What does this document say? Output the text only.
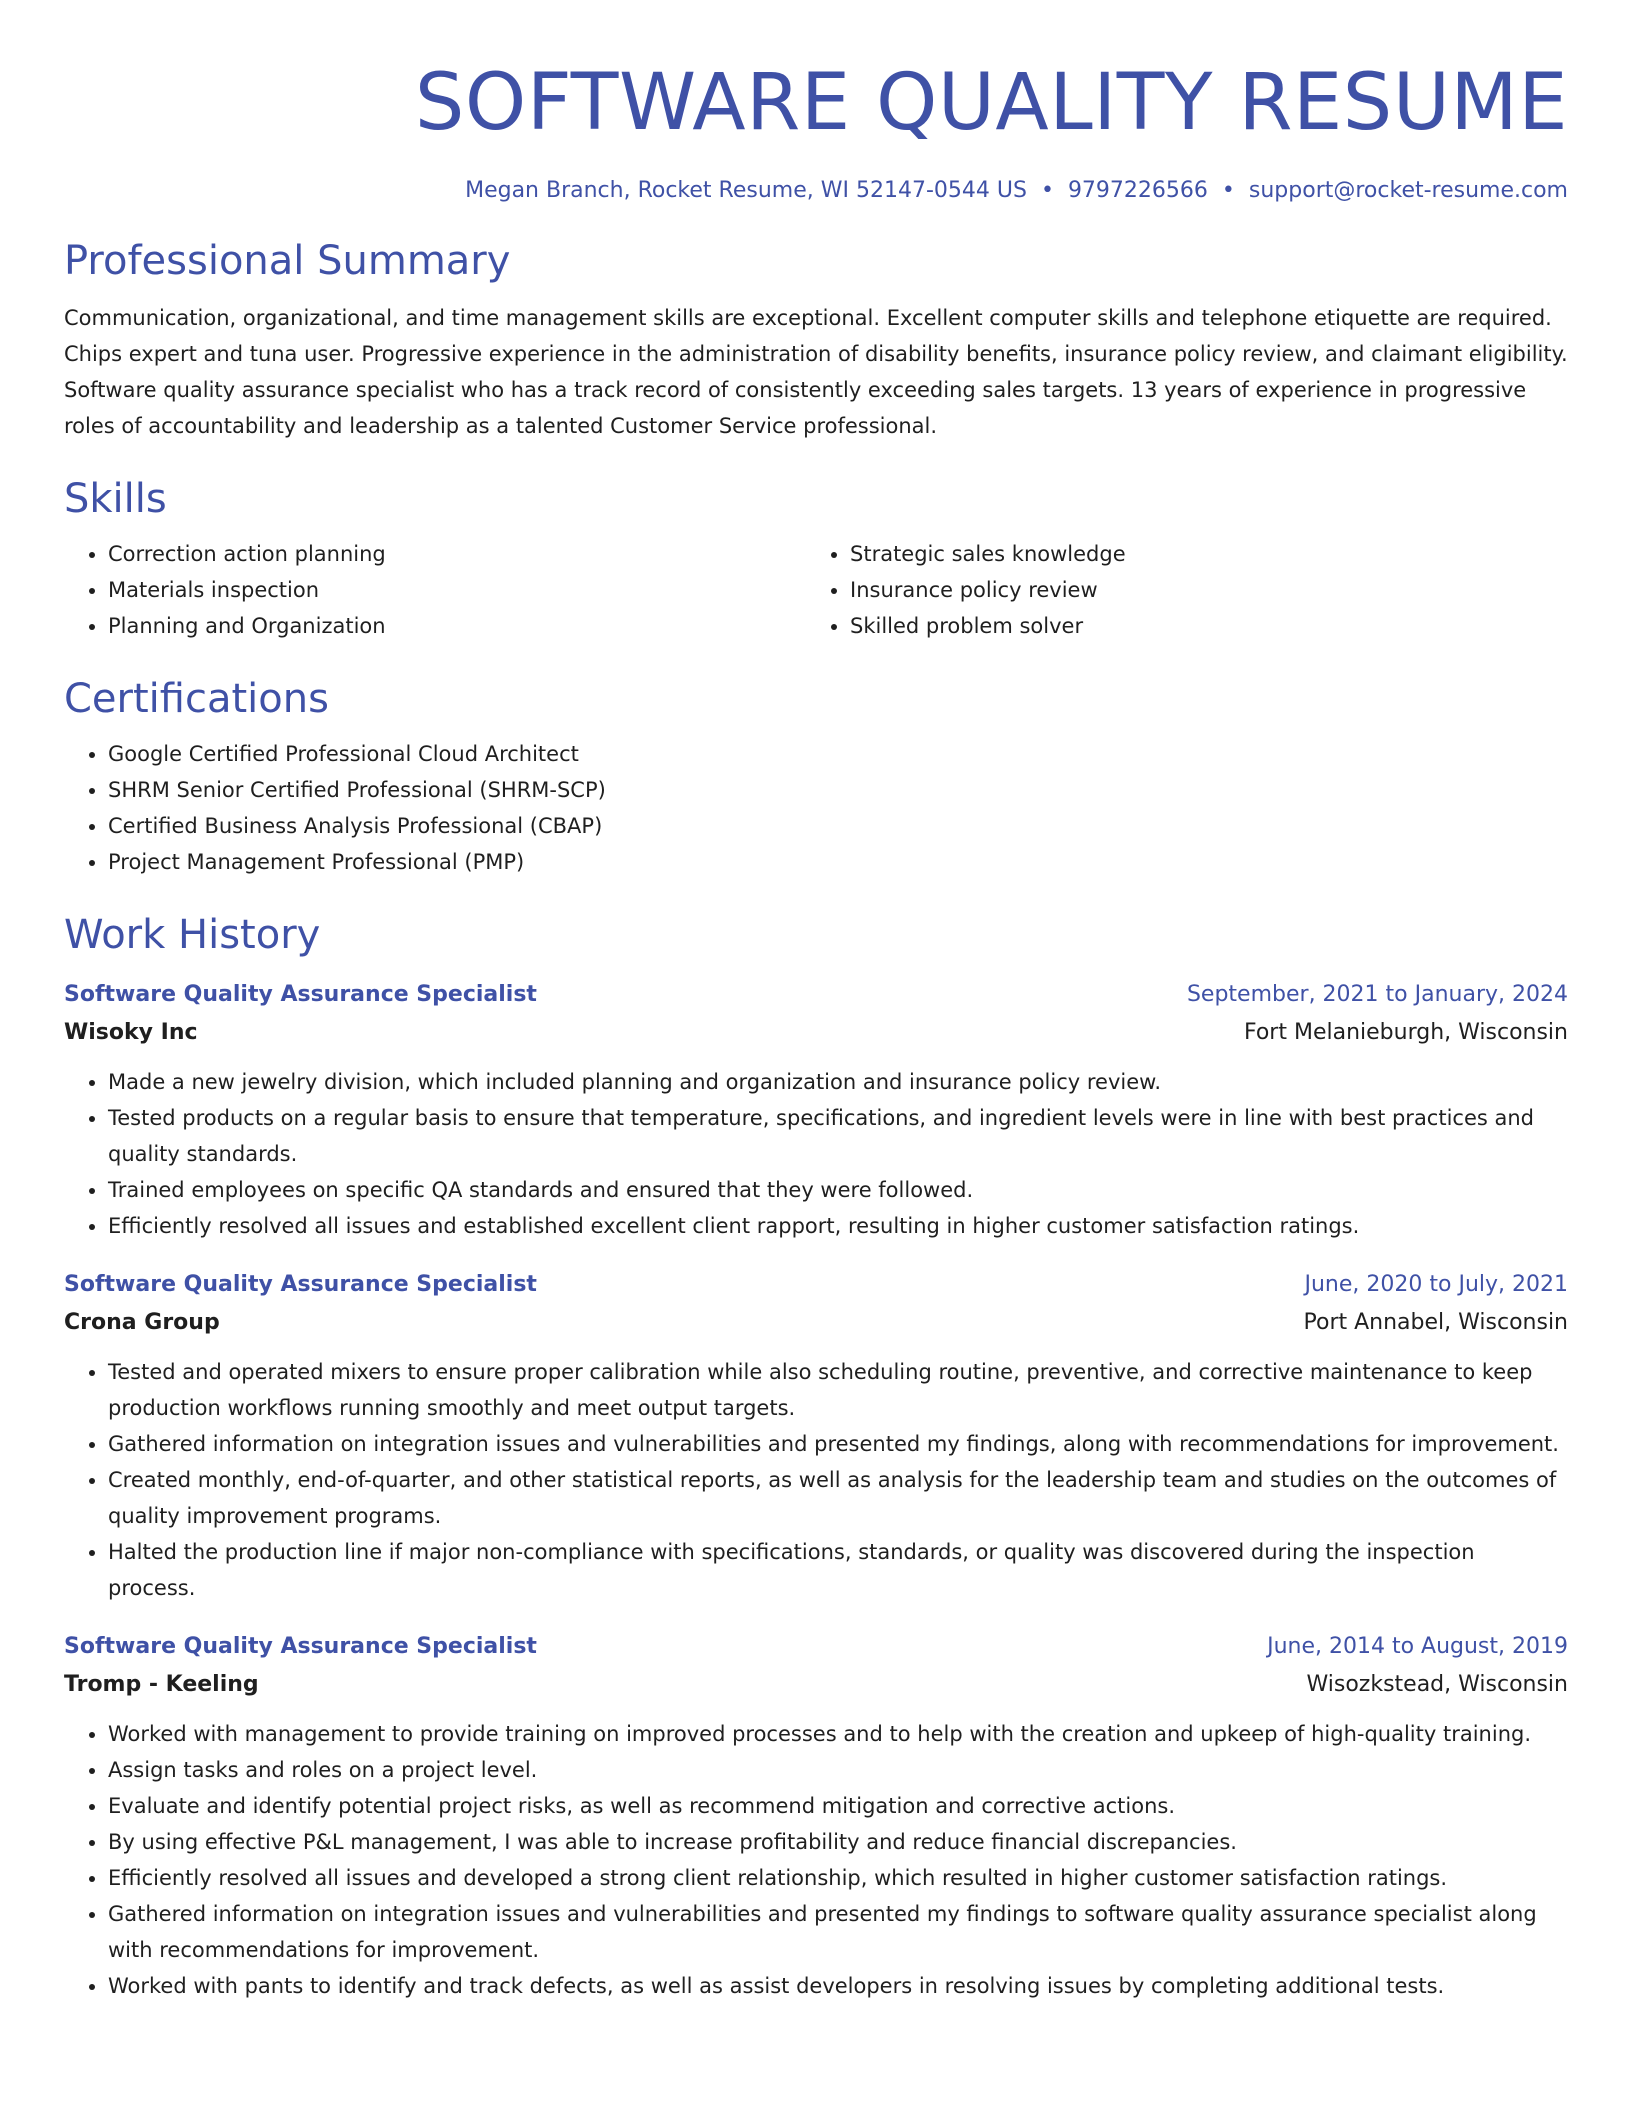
SOFTWARE QUALITY RESUME
Megan Branch, Rocket Resume, WI 52147-0544 US • 9797226566 • support@rocket-resume.com
Professional Summary

Communication, organizational, and time management skills are exceptional. Excellent computer skills and telephone etiquette are required. Chips expert and tuna user. Progressive experience in the administration of disability benefits, insurance policy review, and claimant eligibility. Software quality assurance specialist who has a track record of consistently exceeding sales targets. 13 years of experience in progressive roles of accountability and leadership as a talented Customer Service professional.

Skills
• Correction action planning
• Materials inspection
• Planning and Organization
• Strategic sales knowledge
• Insurance policy review
• Skilled problem solver
Certifications
• Google Certified Professional Cloud Architect
• SHRM Senior Certified Professional (SHRM-SCP)
• Certified Business Analysis Professional (CBAP)
• Project Management Professional (PMP)
Work History
Software Quality Assurance Specialist	September, 2021 to January, 2024
Wisoky Inc	Fort Melanieburgh, Wisconsin
• Made a new jewelry division, which included planning and organization and insurance policy review.
• Tested products on a regular basis to ensure that temperature, specifications, and ingredient levels were in line with best practices and quality standards.
• Trained employees on specific QA standards and ensured that they were followed.
• Efficiently resolved all issues and established excellent client rapport, resulting in higher customer satisfaction ratings.
Software Quality Assurance Specialist	June, 2020 to July, 2021
Crona Group	Port Annabel, Wisconsin
• Tested and operated mixers to ensure proper calibration while also scheduling routine, preventive, and corrective maintenance to keep production workflows running smoothly and meet output targets.
• Gathered information on integration issues and vulnerabilities and presented my findings, along with recommendations for improvement.
• Created monthly, end-of-quarter, and other statistical reports, as well as analysis for the leadership team and studies on the outcomes of quality improvement programs.
• Halted the production line if major non-compliance with specifications, standards, or quality was discovered during the inspection process.
Software Quality Assurance Specialist	June, 2014 to August, 2019
Tromp - Keeling	Wisozkstead, Wisconsin
• Worked with management to provide training on improved processes and to help with the creation and upkeep of high-quality training.
• Assign tasks and roles on a project level.
• Evaluate and identify potential project risks, as well as recommend mitigation and corrective actions.
• By using effective P&L management, I was able to increase profitability and reduce financial discrepancies.
• Efficiently resolved all issues and developed a strong client relationship, which resulted in higher customer satisfaction ratings.
• Gathered information on integration issues and vulnerabilities and presented my findings to software quality assurance specialist along with recommendations for improvement.
• Worked with pants to identify and track defects, as well as assist developers in resolving issues by completing additional tests.
